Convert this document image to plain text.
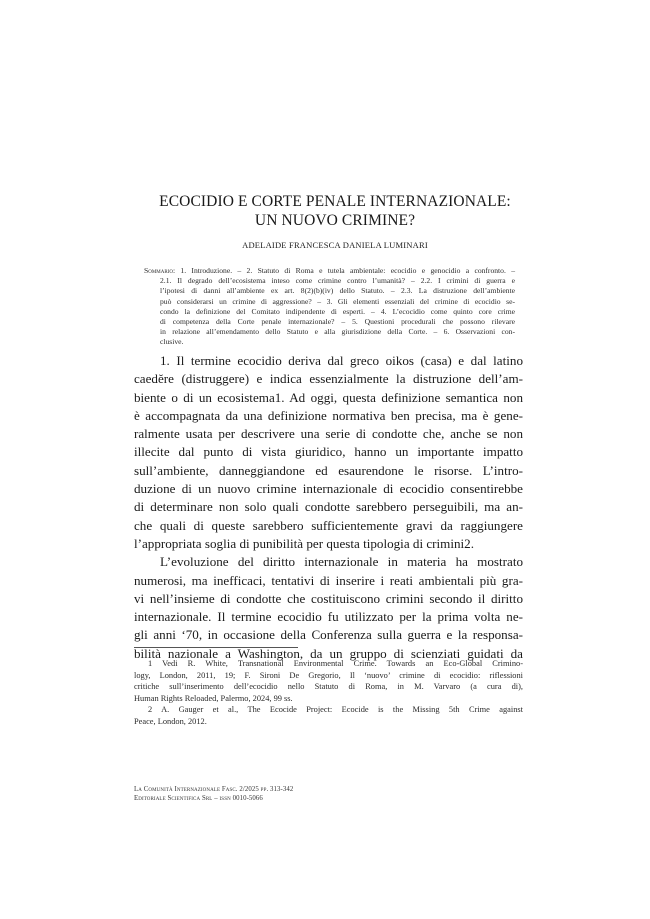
ECOCIDIO E CORTE PENALE INTERNAZIONALE:
UN NUOVO CRIMINE?
ADELAIDE FRANCESCA DANIELA LUMINARI
Sommario: 1. Introduzione. – 2. Statuto di Roma e tutela ambientale: ecocidio e genocidio a confronto. –
2.1. Il degrado dell’ecosistema inteso come crimine contro l’umanità? – 2.2. I crimini di guerra e
l’ipotesi di danni all’ambiente ex art. 8(2)(b)(iv) dello Statuto. – 2.3. La distruzione dell’ambiente
può considerarsi un crimine di aggressione? – 3. Gli elementi essenziali del crimine di ecocidio se-
condo la definizione del Comitato indipendente di esperti. – 4. L’ecocidio come quinto core crime
di competenza della Corte penale internazionale? – 5. Questioni procedurali che possono rilevare
in relazione all’emendamento dello Statuto e alla giurisdizione della Corte. – 6. Osservazioni con-
clusive.
1. Il termine ecocidio deriva dal greco oikos (casa) e dal latino
caedĕre (distruggere) e indica essenzialmente la distruzione dell’am-
biente o di un ecosistema1. Ad oggi, questa definizione semantica non
è accompagnata da una definizione normativa ben precisa, ma è gene-
ralmente usata per descrivere una serie di condotte che, anche se non
illecite dal punto di vista giuridico, hanno un importante impatto
sull’ambiente, danneggiandone ed esaurendone le risorse. L’intro-
duzione di un nuovo crimine internazionale di ecocidio consentirebbe
di determinare non solo quali condotte sarebbero perseguibili, ma an-
che quali di queste sarebbero sufficientemente gravi da raggiungere
l’appropriata soglia di punibilità per questa tipologia di crimini2.
L’evoluzione del diritto internazionale in materia ha mostrato
numerosi, ma inefficaci, tentativi di inserire i reati ambientali più gra-
vi nell’insieme di condotte che costituiscono crimini secondo il diritto
internazionale. Il termine ecocidio fu utilizzato per la prima volta ne-
gli anni ‘70, in occasione della Conferenza sulla guerra e la responsa-
bilità nazionale a Washington, da un gruppo di scienziati guidati da
1 Vedi R. White, Transnational Environmental Crime. Towards an Eco-Global Crimino-
logy, London, 2011, 19; F. Sironi De Gregorio, Il ‘nuovo’ crimine di ecocidio: riflessioni
critiche sull’inserimento dell’ecocidio nello Statuto di Roma, in M. Varvaro (a cura di),
Human Rights Reloaded, Palermo, 2024, 99 ss.
2 A. Gauger et al., The Ecocide Project: Ecocide is the Missing 5th Crime against
Peace, London, 2012.
La Comunità Internazionale Fasc. 2/2025 pp. 313-342
Editoriale Scientifica Srl – issn 0010-5066
